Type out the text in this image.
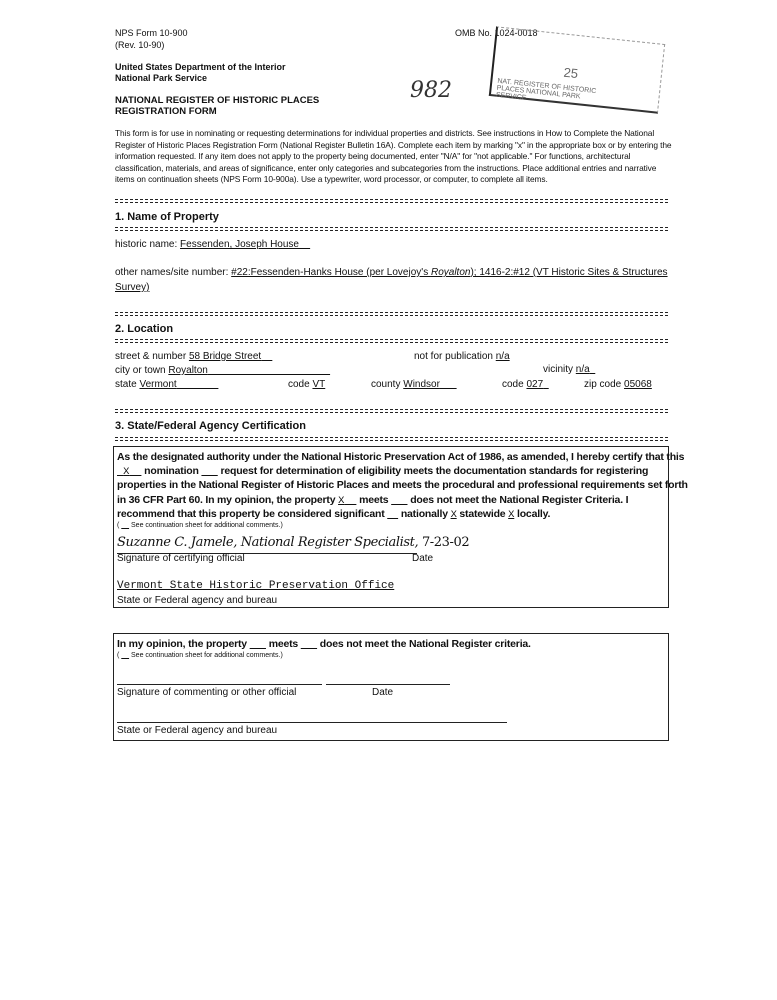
NPS Form 10-900
(Rev. 10-90)
United States Department of the Interior
National Park Service
NATIONAL REGISTER OF HISTORIC PLACES
REGISTRATION FORM
OMB No. 1024-0018
982
25
NAT. REGISTER OF HISTORIC PLACES NATIONAL PARK SERVICE
This form is for use in nominating or requesting determinations for individual properties and districts. See instructions in How to Complete the National Register of Historic Places Registration Form (National Register Bulletin 16A). Complete each item by marking "x" in the appropriate box or by entering the information requested. If any item does not apply to the property being documented, enter "N/A" for "not applicable." For functions, architectural classification, materials, and areas of significance, enter only categories and subcategories from the instructions. Place additional entries and narrative items on continuation sheets (NPS Form 10-900a). Use a typewriter, word processor, or computer, to complete all items.
1. Name of Property
historic name: Fessenden, Joseph House
other names/site number: #22:Fessenden-Hanks House (per Lovejoy's Royalton); 1416-2:#12 (VT Historic Sites & Structures
Survey)
2. Location
street & number 58 Bridge Street	not for publication n/a
city or town Royalton	vicinity n/a
state Vermont	code VT	county Windsor	code 027	zip code 05068
3. State/Federal Agency Certification
As the designated authority under the National Historic Preservation Act of 1986, as amended, I hereby certify that this
X nomination request for determination of eligibility meets the documentation standards for registering
properties in the National Register of Historic Places and meets the procedural and professional requirements set forth
in 36 CFR Part 60. In my opinion, the property X meets does not meet the National Register Criteria. I
recommend that this property be considered significant nationally X statewide X locally.
(      See continuation sheet for additional comments.)
Suzanne C. Jamele, National Register Specialist, 7-23-02
Signature of certifying official	Date
Vermont State Historic Preservation Office
State or Federal agency and bureau
In my opinion, the property meets does not meet the National Register criteria.
(      See continuation sheet for additional comments.)
Signature of commenting or other official	Date
State or Federal agency and bureau
